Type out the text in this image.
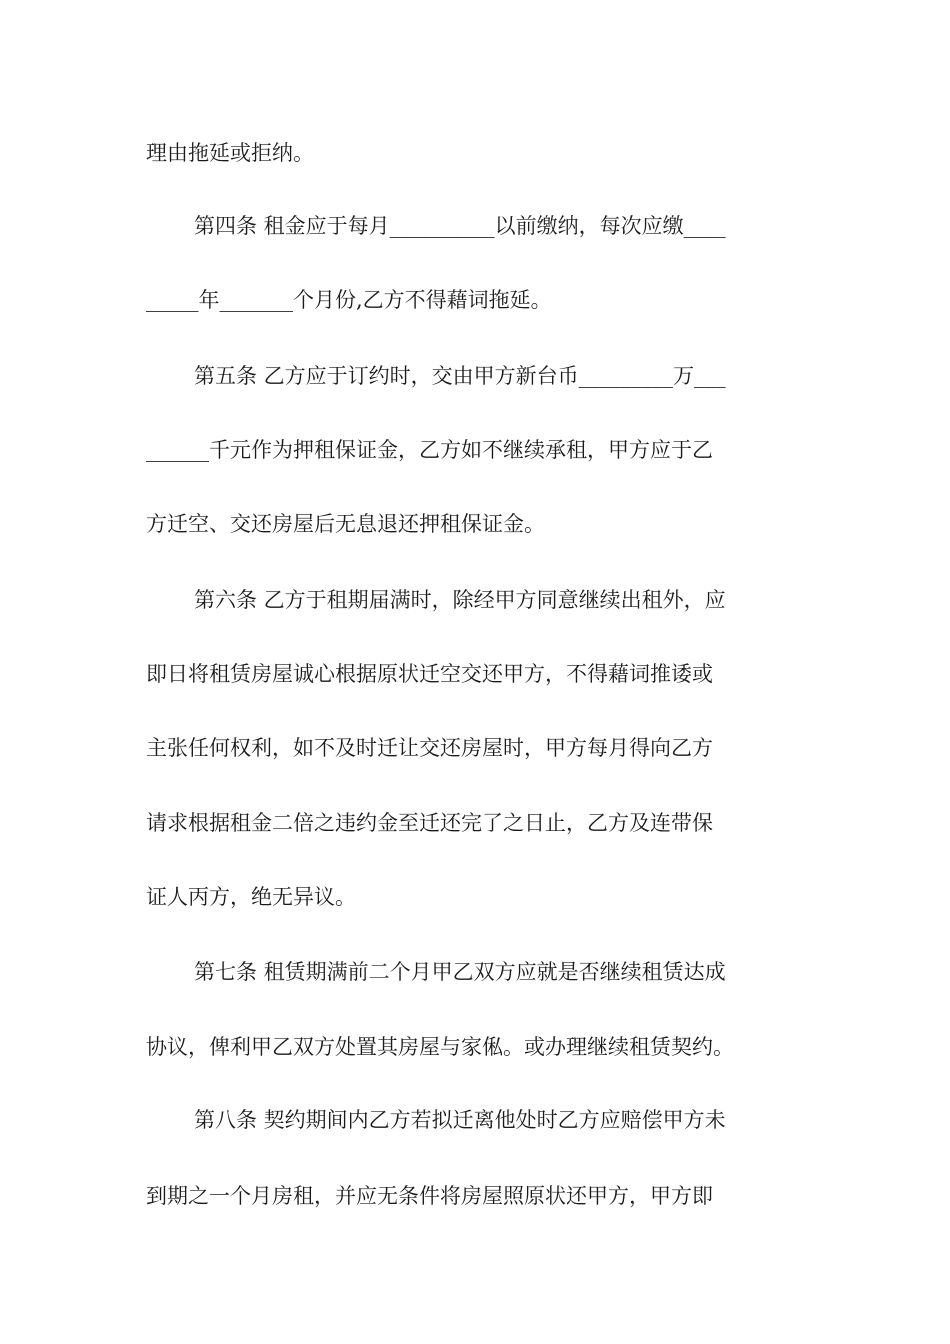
理由拖延或拒纳。
第四条 租金应于每月__________以前缴纳，每次应缴____
_____年_______个月份,乙方不得藉词拖延。
第五条 乙方应于订约时，交由甲方新台币_________万___
______千元作为押租保证金，乙方如不继续承租，甲方应于乙
方迁空、交还房屋后无息退还押租保证金。
第六条 乙方于租期届满时，除经甲方同意继续出租外，应
即日将租赁房屋诚心根据原状迁空交还甲方，不得藉词推诿或
主张任何权利，如不及时迁让交还房屋时，甲方每月得向乙方
请求根据租金二倍之违约金至迁还完了之日止，乙方及连带保
证人丙方，绝无异议。
第七条 租赁期满前二个月甲乙双方应就是否继续租赁达成
协议，俾利甲乙双方处置其房屋与家俬。或办理继续租赁契约。
第八条 契约期间内乙方若拟迁离他处时乙方应赔偿甲方未
到期之一个月房租，并应无条件将房屋照原状还甲方，甲方即
